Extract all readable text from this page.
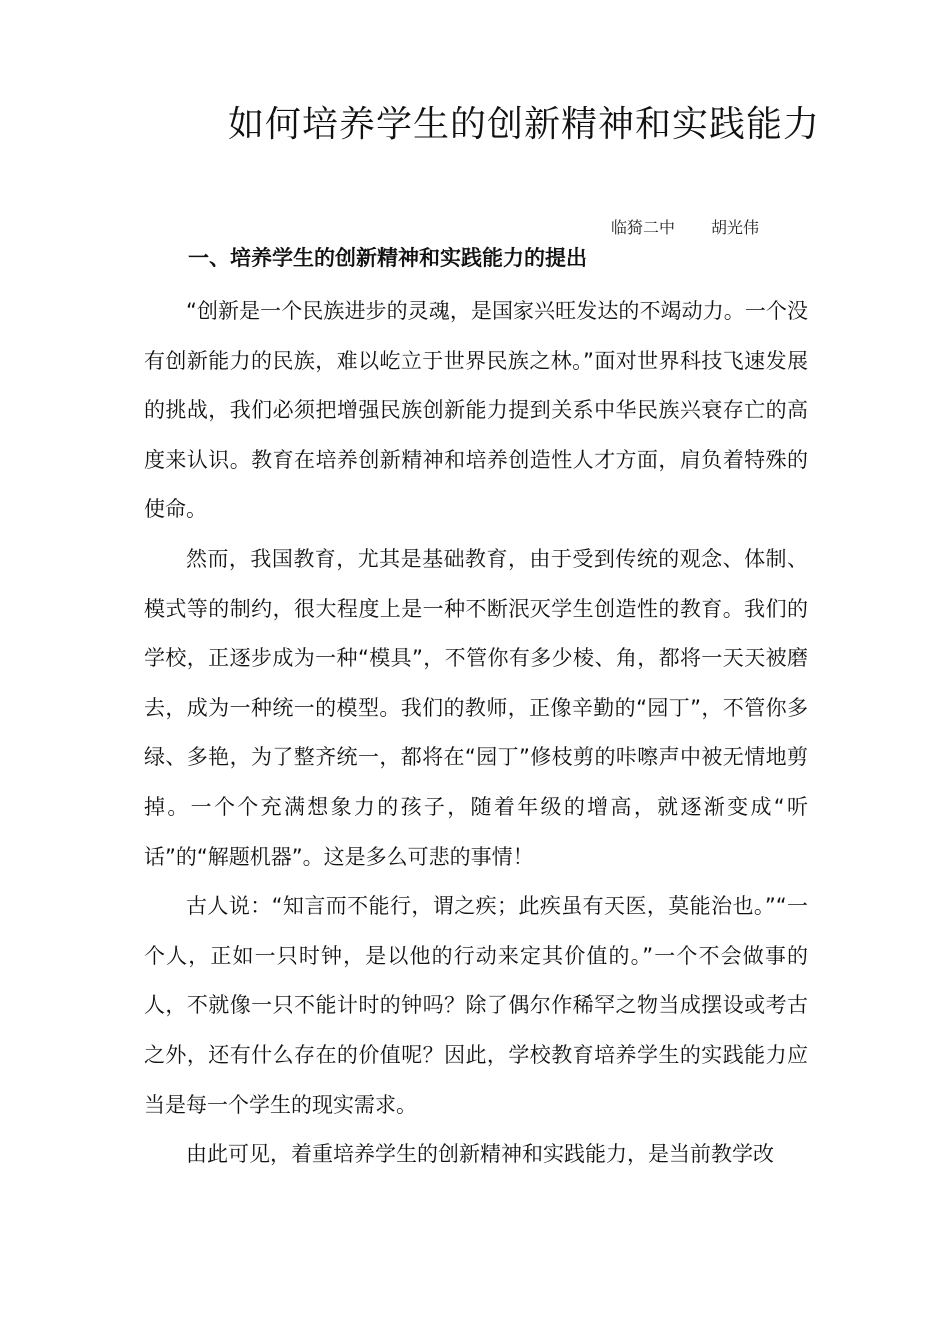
如何培养学生的创新精神和实践能力
临猗二中 胡光伟
一、培养学生的创新精神和实践能力的提出

“创新是一个民族进步的灵魂，是国家兴旺发达的不竭动力。一个没有创新能力的民族，难以屹立于世界民族之林。”面对世界科技飞速发展的挑战，我们必须把增强民族创新能力提到关系中华民族兴衰存亡的高度来认识。教育在培养创新精神和培养创造性人才方面，肩负着特殊的使命。

然而，我国教育，尤其是基础教育，由于受到传统的观念、体制、模式等的制约，很大程度上是一种不断泯灭学生创造性的教育。我们的学校，正逐步成为一种“模具”，不管你有多少棱、角，都将一天天被磨去，成为一种统一的模型。我们的教师，正像辛勤的“园丁”，不管你多绿、多艳，为了整齐统一，都将在“园丁”修枝剪的咔嚓声中被无情地剪掉。一个个充满想象力的孩子，随着年级的增高，就逐渐变成“听话”的“解题机器”。这是多么可悲的事情！

古人说：“知言而不能行，谓之疾；此疾虽有天医，莫能治也。”“一个人，正如一只时钟，是以他的行动来定其价值的。”一个不会做事的人，不就像一只不能计时的钟吗？除了偶尔作稀罕之物当成摆设或考古之外，还有什么存在的价值呢？因此，学校教育培养学生的实践能力应当是每一个学生的现实需求。

由此可见，着重培养学生的创新精神和实践能力，是当前教学改
